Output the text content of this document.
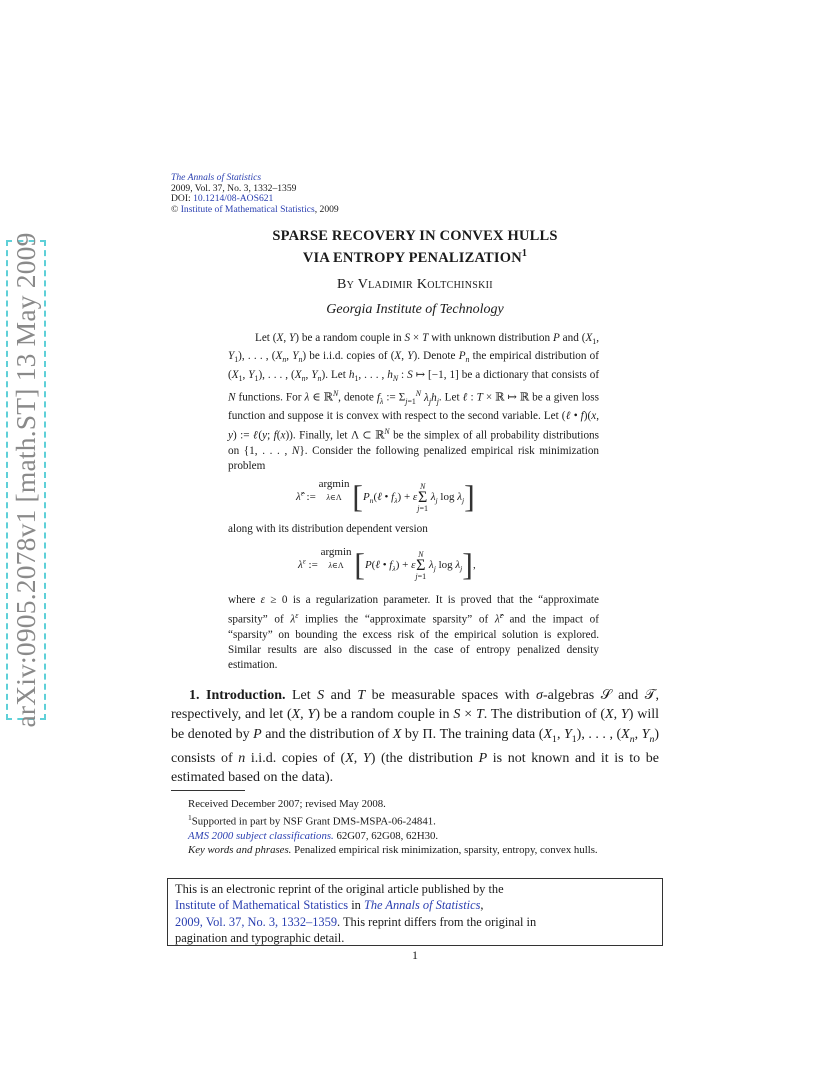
arXiv:0905.2078v1 [math.ST] 13 May 2009
The Annals of Statistics
2009, Vol. 37, No. 3, 1332–1359
DOI: 10.1214/08-AOS621
© Institute of Mathematical Statistics, 2009
SPARSE RECOVERY IN CONVEX HULLS
VIA ENTROPY PENALIZATION$^1$
By Vladimir Koltchinskii
Georgia Institute of Technology

Let (X, Y) be a random couple in S × T with unknown distribution P and ($X_1$, $Y_1$), . . . , ($X_n$, $Y_n$) be i.i.d. copies of (X, Y). Denote $P_n$ the empirical distribution of ($X_1$, $Y_1$), . . . , ($X_n$, $Y_n$). Let $h_1$, . . . , $h_N$ : S ↦ [−1, 1] be a dictionary that consists of N functions. For λ ∈ ℝ$^N$, denote $f_\lambda$ := $\Sigma_{j=1}^N$ $\lambda_jh_j$. Let ℓ : T × ℝ ↦ ℝ be a given loss function and suppose it is convex with respect to the second variable. Let (ℓ • f)(x, y) := ℓ(y; f(x)). Finally, let Λ ⊂ ℝ$^N$ be the simplex of all probability distributions on {1, . . . , N}. Consider the following penalized empirical risk minimization problem

λ̂$^\varepsilon$ := argmin
λ∈Λ [$P_n(\ell$ • $f_\lambda) + \varepsilon N$
Σ
j=1 $\lambda_j$ $\log \lambda_j$]

along with its distribution dependent version

$\lambda^\varepsilon$ := argmin
λ∈Λ [P(ℓ • $f_\lambda) + \varepsilon N$
Σ
j=1 $\lambda_j$ $\log \lambda_j$],

where ε ≥ 0 is a regularization parameter. It is proved that the “approximate sparsity” of $\lambda^\varepsilon$ implies the “approximate sparsity” of λ̂$^\varepsilon$ and the impact of “sparsity” on bounding the excess risk of the empirical solution is explored. Similar results are also discussed in the case of entropy penalized density estimation.

1. Introduction. Let S and T be measurable spaces with σ-algebras 𝒮 and 𝒯, respectively, and let (X, Y) be a random couple in S × T. The distribution of (X, Y) will be denoted by P and the distribution of X by Π. The training data ($X_1$, $Y_1$), . . . , ($X_n$, $Y_n$) consists of n i.i.d. copies of (X, Y) (the distribution P is not known and it is to be estimated based on the data).

Received December 2007; revised May 2008.

$^1$Supported in part by NSF Grant DMS-MSPA-06-24841.

AMS 2000 subject classifications. 62G07, 62G08, 62H30.

Key words and phrases. Penalized empirical risk minimization, sparsity, entropy, convex hulls.

This is an electronic reprint of the original article published by the
Institute of Mathematical Statistics in The Annals of Statistics,
2009, Vol. 37, No. 3, 1332–1359. This reprint differs from the original in
pagination and typographic detail.
1
